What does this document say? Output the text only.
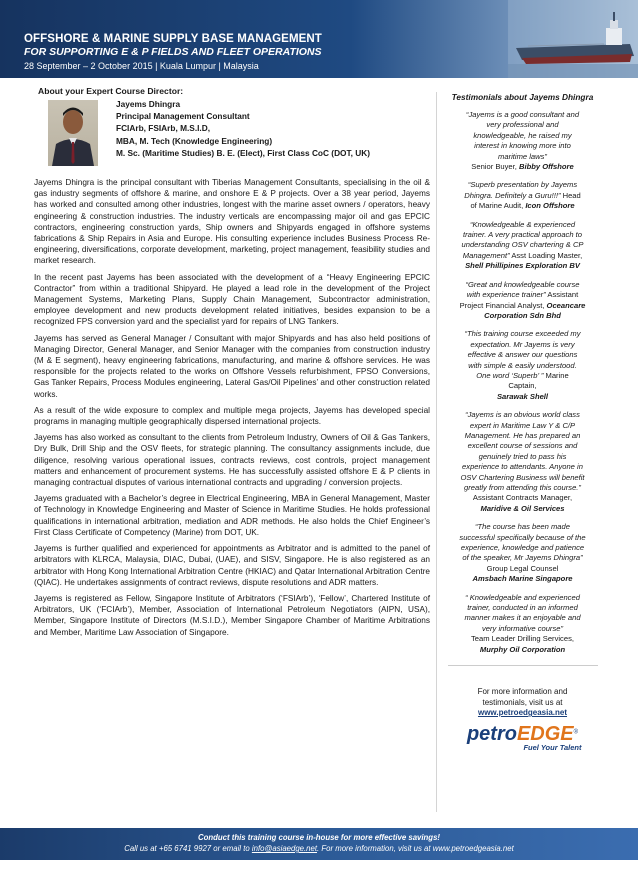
OFFSHORE & MARINE SUPPLY BASE MANAGEMENT
FOR SUPPORTING E & P FIELDS AND FLEET OPERATIONS
28 September – 2 October 2015 | Kuala Lumpur | Malaysia
About your Expert Course Director:
Jayems Dhingra
Principal Management Consultant
FCIArb, FSIArb, M.S.I.D,
MBA, M. Tech (Knowledge Engineering)
M. Sc. (Maritime Studies) B. E. (Elect), First Class CoC (DOT, UK)

Jayems Dhingra is the principal consultant with Tiberias Management Consultants, specialising in the oil & gas industry segments of offshore & marine, and onshore E & P projects. Over a 38 year period, Jayems has worked and consulted among other industries, longest with the marine asset owners / operators, heavy engineering & construction industries. The industry verticals are encompassing major oil and gas EPCIC contractors, engineering construction yards, Ship owners and Shipyards engaged in offshore systems fabrications & Ship Repairs in Asia and Europe. His consulting experience includes Business Process Re-engineering, diversifications, corporate development, marketing, project management, feasibility studies and market research.

In the recent past Jayems has been associated with the development of a “Heavy Engineering EPCIC Contractor” from within a traditional Shipyard. He played a lead role in the development of the Project Management Systems, Marketing Plans, Supply Chain Management, Subcontractor administration, employee development and new products development related initiatives, besides expansion to be a recognized FPS conversion yard and the specialist yard for repairs of LNG Tankers.

Jayems has served as General Manager / Consultant with major Shipyards and has also held positions of Managing Director, General Manager, and Senior Manager with the companies from construction industry (M & E segment), heavy engineering fabrications, manufacturing, and marine & offshore services. He was responsible for the projects related to the works on Offshore Vessels refurbishment, FPSO Conversions, Gas Tanker Repairs, Process Modules engineering, Lateral Gas/Oil Pipelines’ and other construction related works.

As a result of the wide exposure to complex and multiple mega projects, Jayems has developed special programs in managing multiple geographically dispersed international projects.

Jayems has also worked as consultant to the clients from Petroleum Industry, Owners of Oil & Gas Tankers, Dry Bulk, Drill Ship and the OSV fleets, for strategic planning. The consultancy assignments include, due diligence, resolving various operational issues, contracts reviews, cost controls, project management matters and enhancement of procurement systems. He has successfully assisted offshore E & P clients in managing contractual disputes of various international contracts and upgrading / conversion projects.

Jayems graduated with a Bachelor’s degree in Electrical Engineering, MBA in General Management, Master of Technology in Knowledge Engineering and Master of Science in Maritime Studies. He holds professional qualifications in international arbitration, mediation and ADR methods. He also holds the Chief Engineer’s First Class Certificate of Competency (Marine) from DOT, UK.

Jayems is further qualified and experienced for appointments as Arbitrator and is admitted to the panel of arbitrators with KLRCA, Malaysia, DIAC, Dubai, (UAE), and SISV, Singapore. He is also registered as an arbitrator with Hong Kong International Arbitration Centre (HKIAC) and Qatar International Arbitration Centre (QIAC). He undertakes assignments of contract reviews, dispute resolutions and ADR matters.

Jayems is registered as Fellow, Singapore Institute of Arbitrators (‘FSIArb’), ‘Fellow’, Chartered Institute of Arbitrators, UK (‘FCIArb’), Member, Association of International Petroleum Negotiators (AIPN, USA), Member, Singapore Institute of Directors (M.S.I.D.), Member Singapore Chamber of Maritime Arbitrations and Member, Maritime Law Association of Singapore.

Testimonials about Jayems Dhingra
“Jayems is a good consultant and
very professional and
knowledgeable, he raised my
interest in knowing more into
maritime laws”
Senior Buyer, Bibby Offshore
“Superb presentation by Jayems
Dhingra. Definitely a Guru!!!” Head
of Marine Audit, Icon Offshore
“Knowledgeable & experienced
trainer. A very practical approach to
understanding OSV chartering & CP
Management” Asst Loading Master,
Shell Phillipines Exploration BV
“Great and knowledgeable course
with experience trainer” Assistant
Project Financial Analyst, Oceancare Corporation Sdn Bhd
“This training course exceeded my
expectation. Mr Jayems is very
effective & answer our questions
with simple & easily understood.
One word ‘Superb’ ” Marine
Captain,
Sarawak Shell
“Jayems is an obvious world class
expert in Maritime Law Y & C/P
Management. He has prepared an
excellent course of sessions and
genuinely tried to pass his
experience to attendants. Anyone in
OSV Chartering Business will benefit
greatly from attending this course.”
Assistant Contracts Manager,
Maridive & Oil Services
“The course has been made
successful specifically because of the
experience, knowledge and patience
of the speaker, Mr Jayems Dhingra”
Group Legal Counsel
Amsbach Marine Singapore
“ Knowledgeable and experienced
trainer, conducted in an informed
manner makes it an enjoyable and
very informative course”
Team Leader Drilling Services,
Murphy Oil Corporation
For more information and
testimonials, visit us at
www.petroedgeasia.net
petroEDGE®
Fuel Your Talent
Conduct this training course in-house for more effective savings!
Call us at +65 6741 9927 or email to info@asiaedge.net. For more information, visit us at www.petroedgeasia.net
